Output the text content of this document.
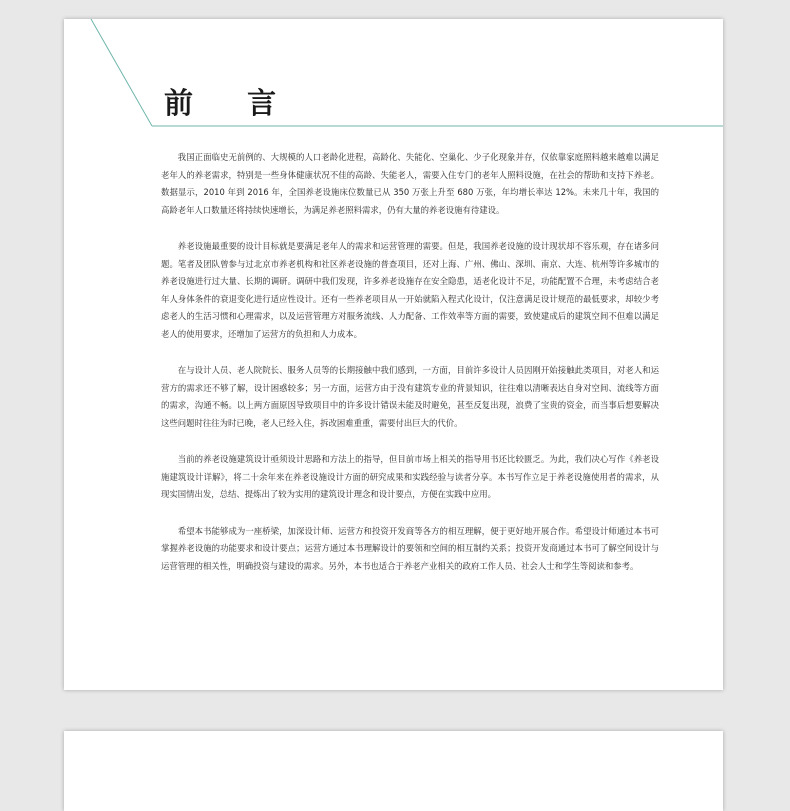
前 言

我国正面临史无前例的、大规模的人口老龄化进程，高龄化、失能化、空巢化、少子化现象并存，仅依靠家庭照料越来越难以满足老年人的养老需求，特别是一些身体健康状况不佳的高龄、失能老人，需要入住专门的老年人照料设施，在社会的帮助和支持下养老。数据显示，2010 年到 2016 年，全国养老设施床位数量已从 350 万张上升至 680 万张，年均增长率达 12%。未来几十年，我国的高龄老年人口数量还将持续快速增长，为满足养老照料需求，仍有大量的养老设施有待建设。

养老设施最重要的设计目标就是要满足老年人的需求和运营管理的需要。但是，我国养老设施的设计现状却不容乐观，存在诸多问题。笔者及团队曾参与过北京市养老机构和社区养老设施的普查项目，还对上海、广州、佛山、深圳、南京、大连、杭州等许多城市的养老设施进行过大量、长期的调研。调研中我们发现，许多养老设施存在安全隐患，适老化设计不足，功能配置不合理，未考虑结合老年人身体条件的衰退变化进行适应性设计。还有一些养老项目从一开始就陷入程式化设计，仅注意满足设计规范的最低要求，却较少考虑老人的生活习惯和心理需求，以及运营管理方对服务流线、人力配备、工作效率等方面的需要，致使建成后的建筑空间不但难以满足老人的使用要求，还增加了运营方的负担和人力成本。

在与设计人员、老人院院长、服务人员等的长期接触中我们感到，一方面，目前许多设计人员因刚开始接触此类项目，对老人和运营方的需求还不够了解，设计困惑较多；另一方面，运营方由于没有建筑专业的背景知识，往往难以清晰表达自身对空间、流线等方面的需求，沟通不畅。以上两方面原因导致项目中的许多设计错误未能及时避免，甚至反复出现，浪费了宝贵的资金，而当事后想要解决这些问题时往往为时已晚，老人已经入住，拆改困难重重，需要付出巨大的代价。

当前的养老设施建筑设计亟须设计思路和方法上的指导，但目前市场上相关的指导用书还比较匮乏。为此，我们决心写作《养老设施建筑设计详解》，将二十余年来在养老设施设计方面的研究成果和实践经验与读者分享。本书写作立足于养老设施使用者的需求，从现实国情出发，总结、提炼出了较为实用的建筑设计理念和设计要点，方便在实践中应用。

希望本书能够成为一座桥梁，加深设计师、运营方和投资开发商等各方的相互理解，便于更好地开展合作。希望设计师通过本书可掌握养老设施的功能要求和设计要点；运营方通过本书理解设计的要领和空间的相互制约关系；投资开发商通过本书可了解空间设计与运营管理的相关性，明确投资与建设的需求。另外，本书也适合于养老产业相关的政府工作人员、社会人士和学生等阅读和参考。
